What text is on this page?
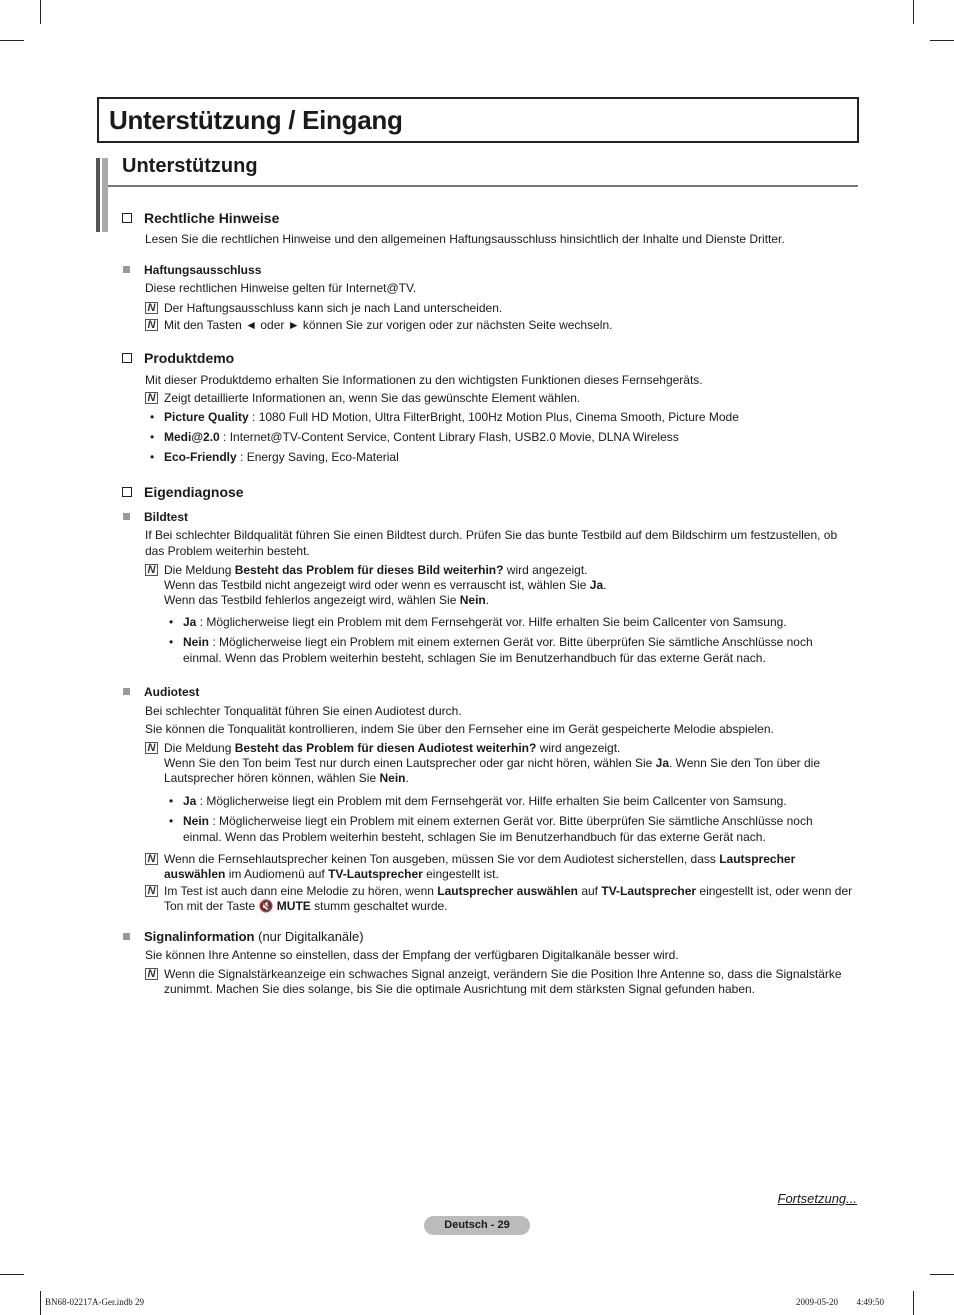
Unterstützung / Eingang
Unterstützung
Rechtliche Hinweise
Lesen Sie die rechtlichen Hinweise und den allgemeinen Haftungsausschluss hinsichtlich der Inhalte und Dienste Dritter.
Haftungsausschluss
Diese rechtlichen Hinweise gelten für Internet@TV.
N Der Haftungsausschluss kann sich je nach Land unterscheiden.
N Mit den Tasten ◄ oder ► können Sie zur vorigen oder zur nächsten Seite wechseln.
Produktdemo
Mit dieser Produktdemo erhalten Sie Informationen zu den wichtigsten Funktionen dieses Fernsehgeräts.
N Zeigt detaillierte Informationen an, wenn Sie das gewünschte Element wählen.
• Picture Quality : 1080 Full HD Motion, Ultra FilterBright, 100Hz Motion Plus, Cinema Smooth, Picture Mode
• Medi@2.0 : Internet@TV-Content Service, Content Library Flash, USB2.0 Movie, DLNA Wireless
• Eco-Friendly : Energy Saving, Eco-Material
Eigendiagnose
Bildtest
If Bei schlechter Bildqualität führen Sie einen Bildtest durch. Prüfen Sie das bunte Testbild auf dem Bildschirm um festzustellen, ob das Problem weiterhin besteht.
N Die Meldung Besteht das Problem für dieses Bild weiterhin? wird angezeigt.
Wenn das Testbild nicht angezeigt wird oder wenn es verrauscht ist, wählen Sie Ja.
Wenn das Testbild fehlerlos angezeigt wird, wählen Sie Nein.
• Ja : Möglicherweise liegt ein Problem mit dem Fernsehgerät vor. Hilfe erhalten Sie beim Callcenter von Samsung.
• Nein : Möglicherweise liegt ein Problem mit einem externen Gerät vor. Bitte überprüfen Sie sämtliche Anschlüsse noch einmal. Wenn das Problem weiterhin besteht, schlagen Sie im Benutzerhandbuch für das externe Gerät nach.
Audiotest
Bei schlechter Tonqualität führen Sie einen Audiotest durch.
Sie können die Tonqualität kontrollieren, indem Sie über den Fernseher eine im Gerät gespeicherte Melodie abspielen.
N Die Meldung Besteht das Problem für diesen Audiotest weiterhin? wird angezeigt.
Wenn Sie den Ton beim Test nur durch einen Lautsprecher oder gar nicht hören, wählen Sie Ja. Wenn Sie den Ton über die Lautsprecher hören können, wählen Sie Nein.
• Ja : Möglicherweise liegt ein Problem mit dem Fernsehgerät vor. Hilfe erhalten Sie beim Callcenter von Samsung.
• Nein : Möglicherweise liegt ein Problem mit einem externen Gerät vor. Bitte überprüfen Sie sämtliche Anschlüsse noch einmal. Wenn das Problem weiterhin besteht, schlagen Sie im Benutzerhandbuch für das externe Gerät nach.
N Wenn die Fernsehlautsprecher keinen Ton ausgeben, müssen Sie vor dem Audiotest sicherstellen, dass Lautsprecher auswählen im Audiomenü auf TV-Lautsprecher eingestellt ist.
N Im Test ist auch dann eine Melodie zu hören, wenn Lautsprecher auswählen auf TV-Lautsprecher eingestellt ist, oder wenn der Ton mit der Taste 🔇 MUTE stumm geschaltet wurde.
Signalinformation (nur Digitalkanäle)
Sie können Ihre Antenne so einstellen, dass der Empfang der verfügbaren Digitalkanäle besser wird.
N Wenn die Signalstärkeanzeige ein schwaches Signal anzeigt, verändern Sie die Position Ihre Antenne so, dass die Signalstärke zunimmt. Machen Sie dies solange, bis Sie die optimale Ausrichtung mit dem stärksten Signal gefunden haben.
Fortsetzung...
Deutsch - 29
BN68-02217A-Ger.indb 29	2009-05-20 ￿￿ 4:49:50
